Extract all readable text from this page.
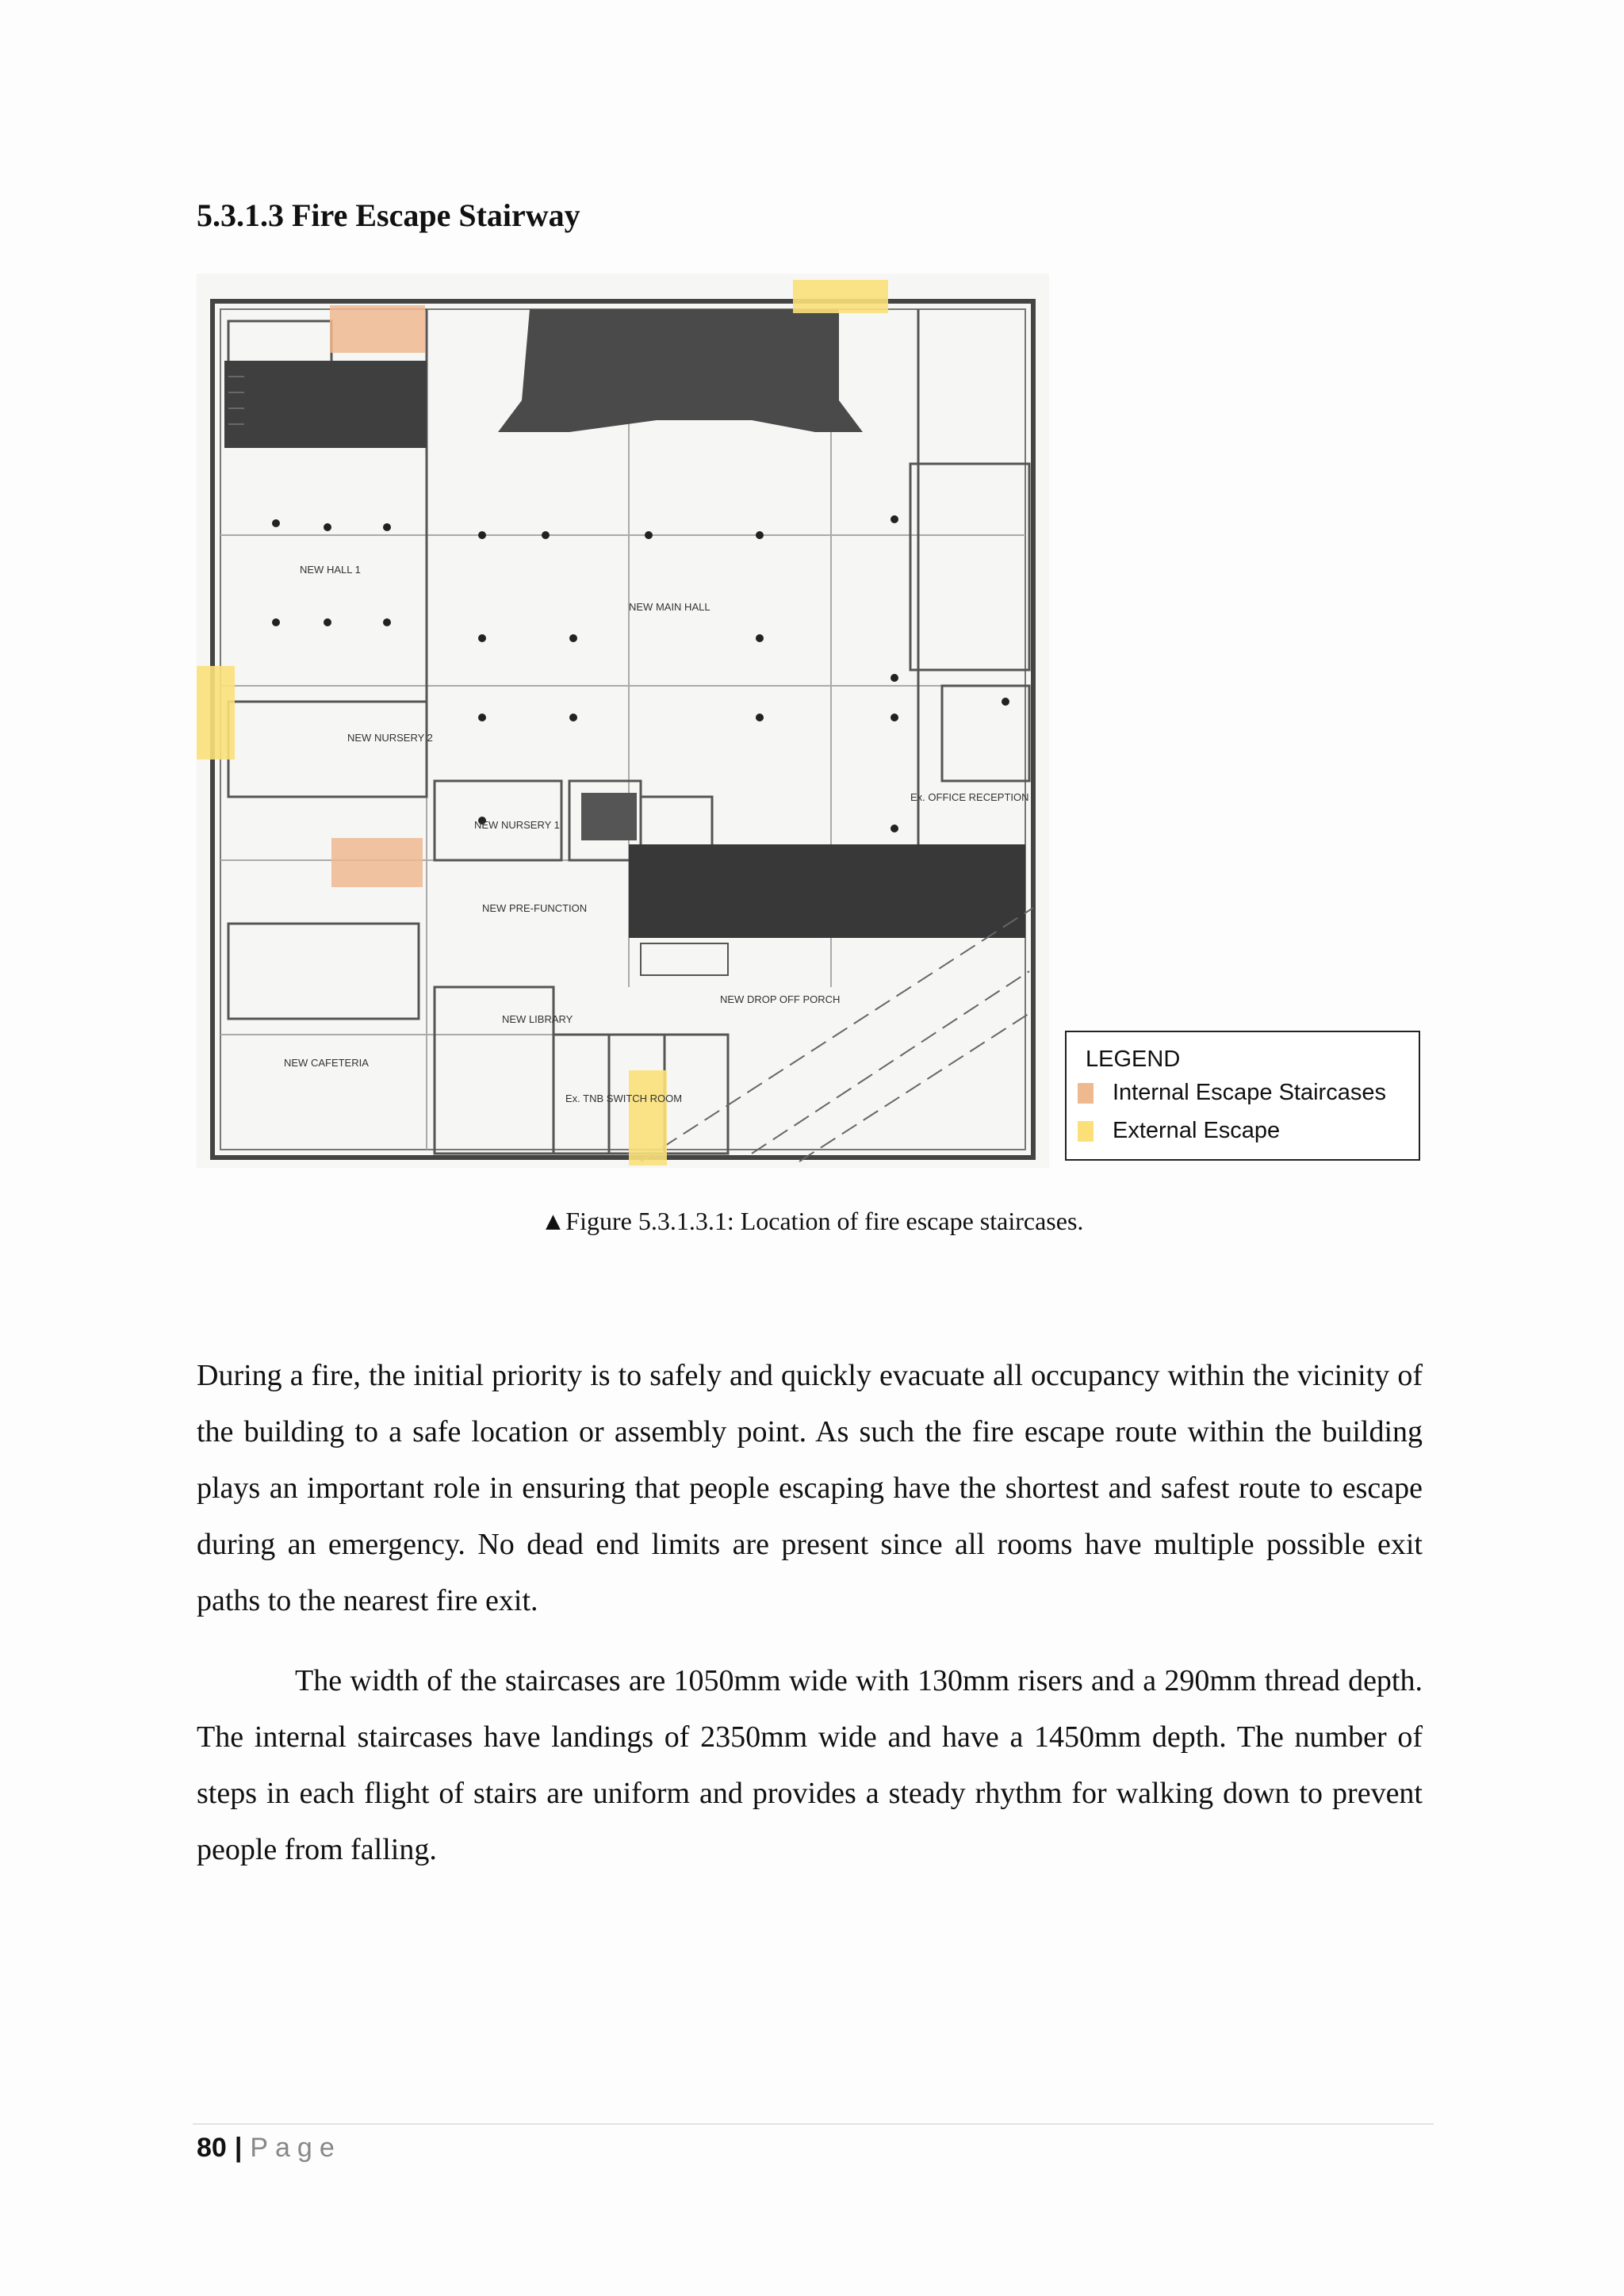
5.3.1.3 Fire Escape Stairway
NEW MAIN HALL
NEW HALL 1
NEW LIBRARY
NEW CAFETERIA
NEW PRE-FUNCTION
NEW NURSERY 2
NEW NURSERY 1
Ex. OFFICE RECEPTION
Ex. TNB SWITCH ROOM
NEW DROP OFF PORCH
LEGEND
Internal Escape Staircases
External Escape
▲Figure 5.3.1.3.1: Location of fire escape staircases.

During a fire, the initial priority is to safely and quickly evacuate all occupancy within the vicinity of the building to a safe location or assembly point. As such the fire escape route within the building plays an important role in ensuring that people escaping have the shortest and safest route to escape during an emergency. No dead end limits are present since all rooms have multiple possible exit paths to the nearest fire exit.

The width of the staircases are 1050mm wide with 130mm risers and a 290mm thread depth. The internal staircases have landings of 2350mm wide and have a 1450mm depth. The number of steps in each flight of stairs are uniform and provides a steady rhythm for walking down to prevent people from falling.

80 | Page
